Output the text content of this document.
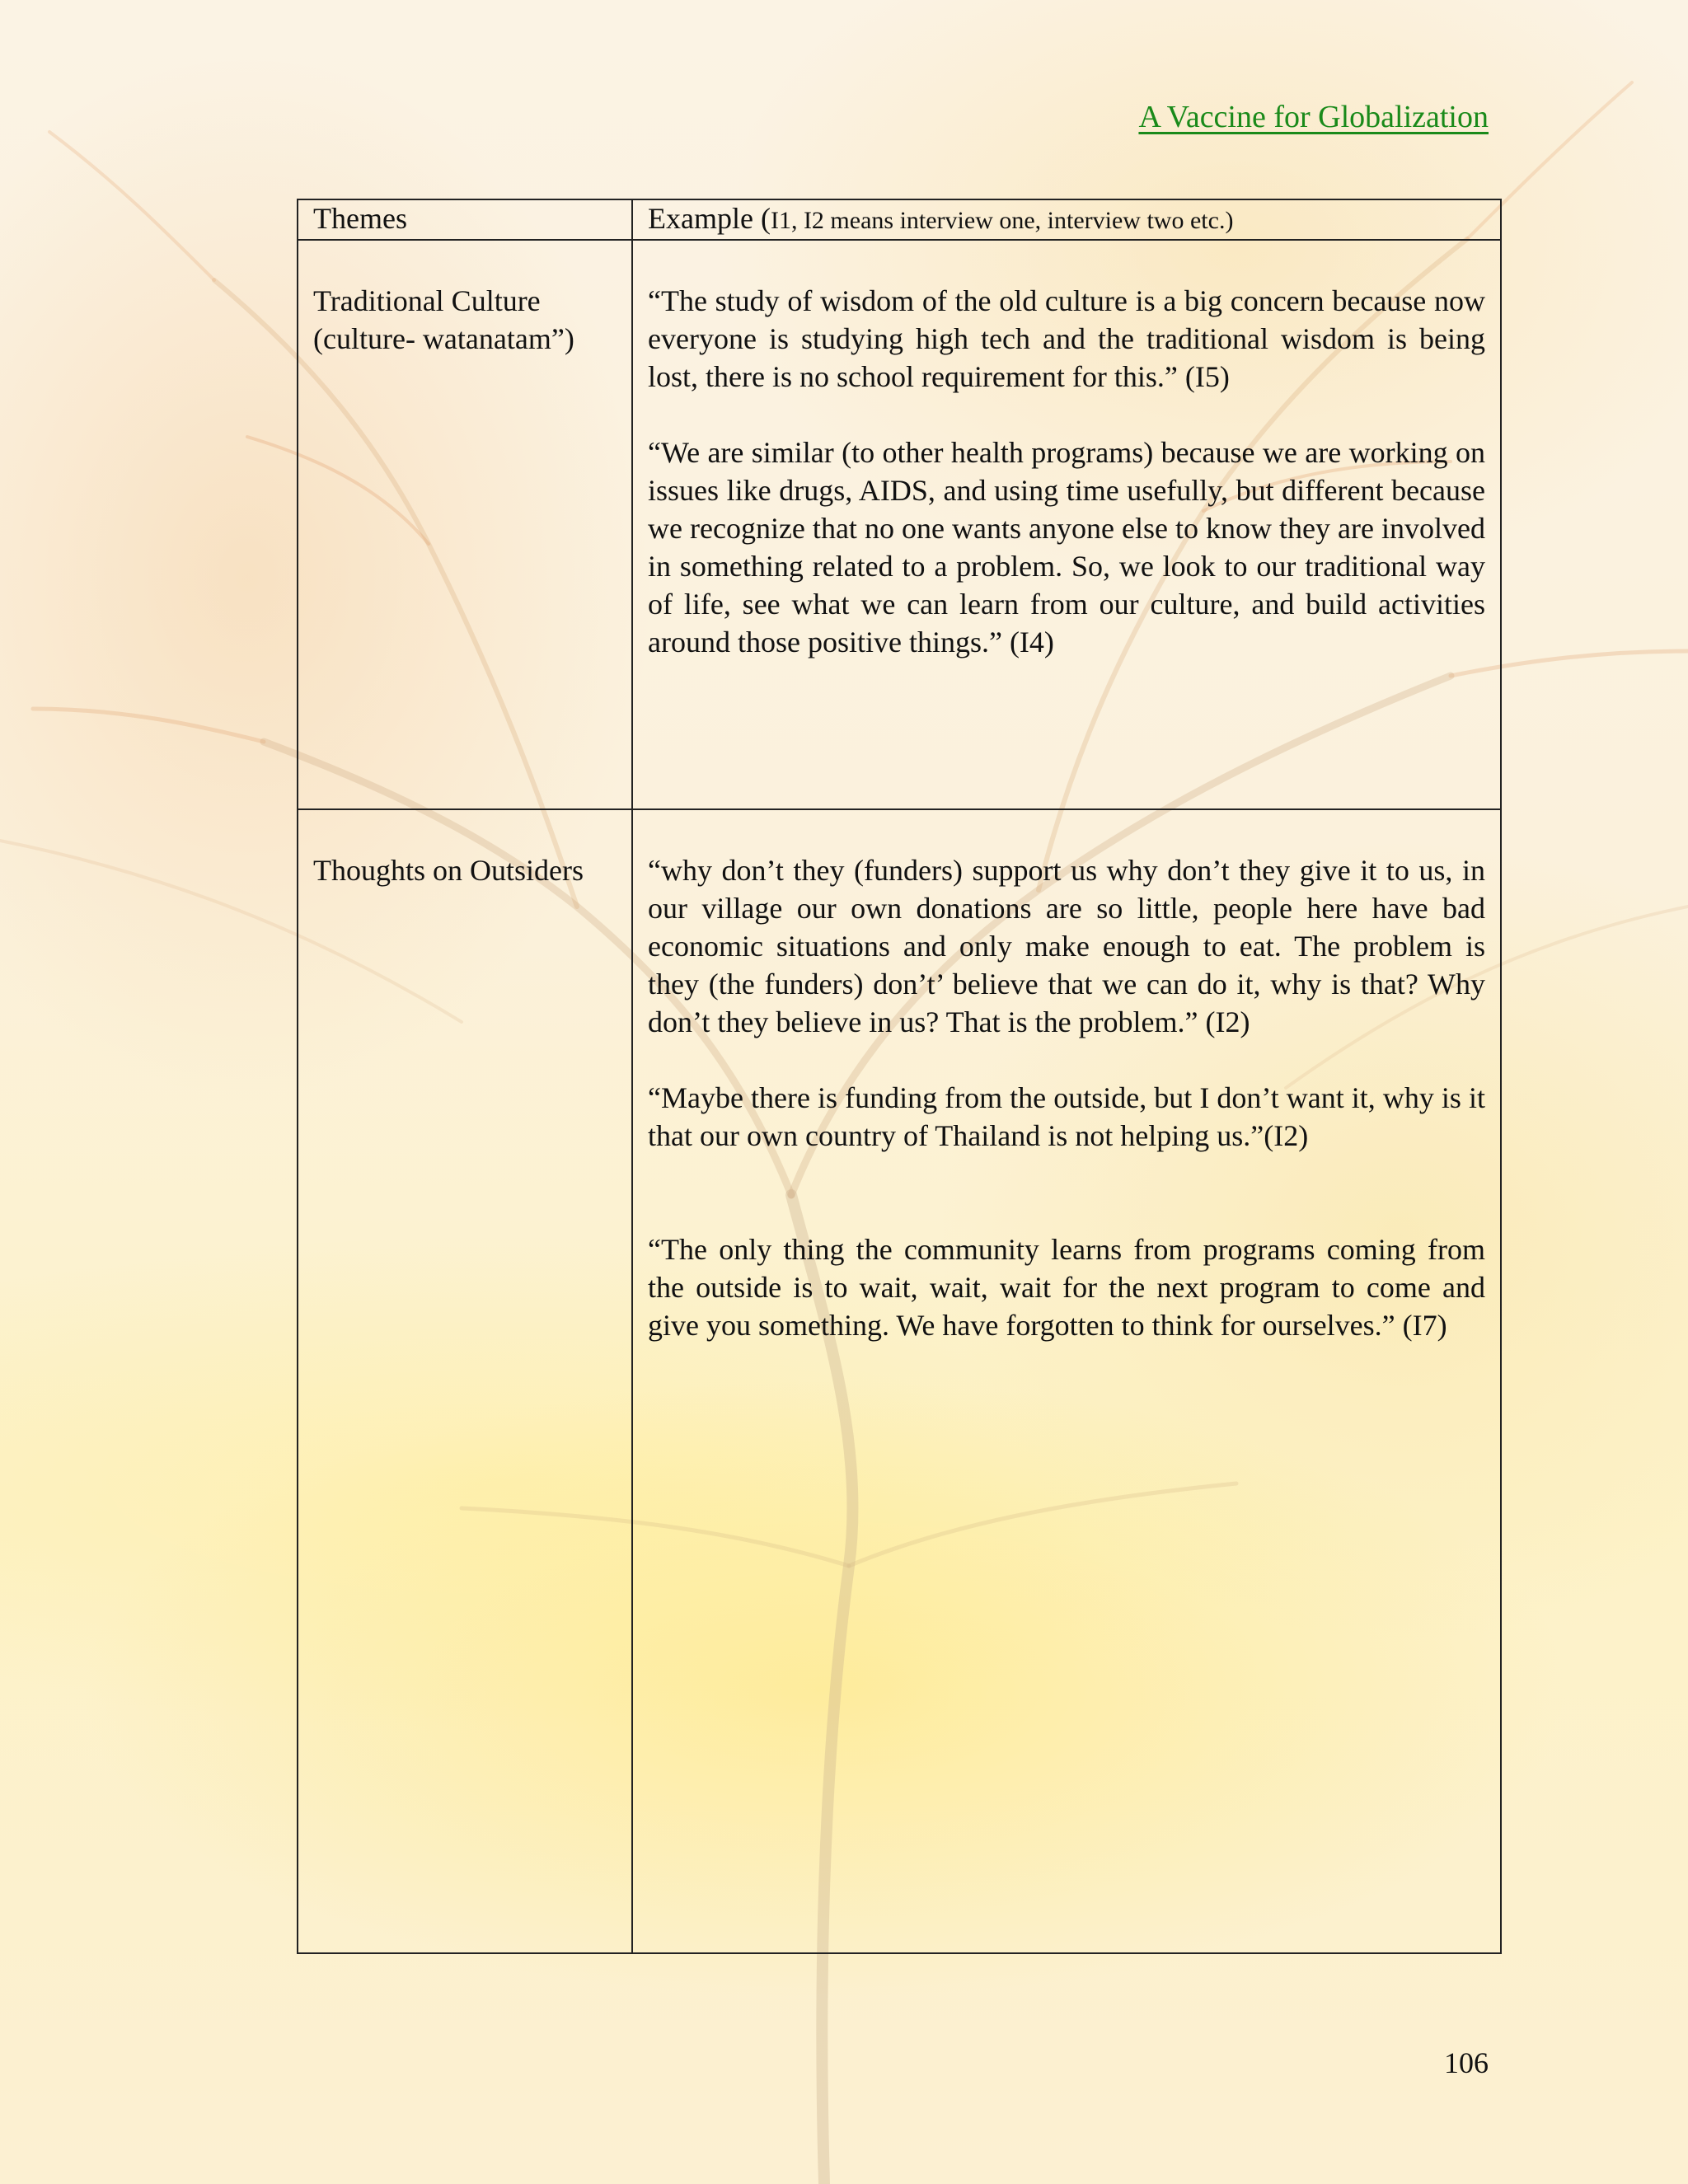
A Vaccine for Globalization
Themes	Example (I1, I2 means interview one, interview two etc.)
Traditional Culture (culture- watanatam”)	“The study of wisdom of the old culture is a big concern because now everyone is studying high tech and the traditional wisdom is being lost, there is no school requirement for this.” (I5)

“We are similar (to other health programs) because we are working on issues like drugs, AIDS, and using time usefully, but different because we recognize that no one wants anyone else to know they are involved in something related to a problem. So, we look to our traditional way of life, see what we can learn from our culture, and build activities around those positive things.” (I4)

Thoughts on Outsiders	“why don’t they (funders) support us why don’t they give it to us, in our village our own donations are so little, people here have bad economic situations and only make enough to eat. The problem is they (the funders) don’t’ believe that we can do it, why is that? Why don’t they believe in us? That is the problem.” (I2)

“Maybe there is funding from the outside, but I don’t want it, why is it that our own country of Thailand is not helping us.”(I2)

“The only thing the community learns from programs coming from the outside is to wait, wait, wait for the next program to come and give you something. We have forgotten to think for ourselves.” (I7)

106
